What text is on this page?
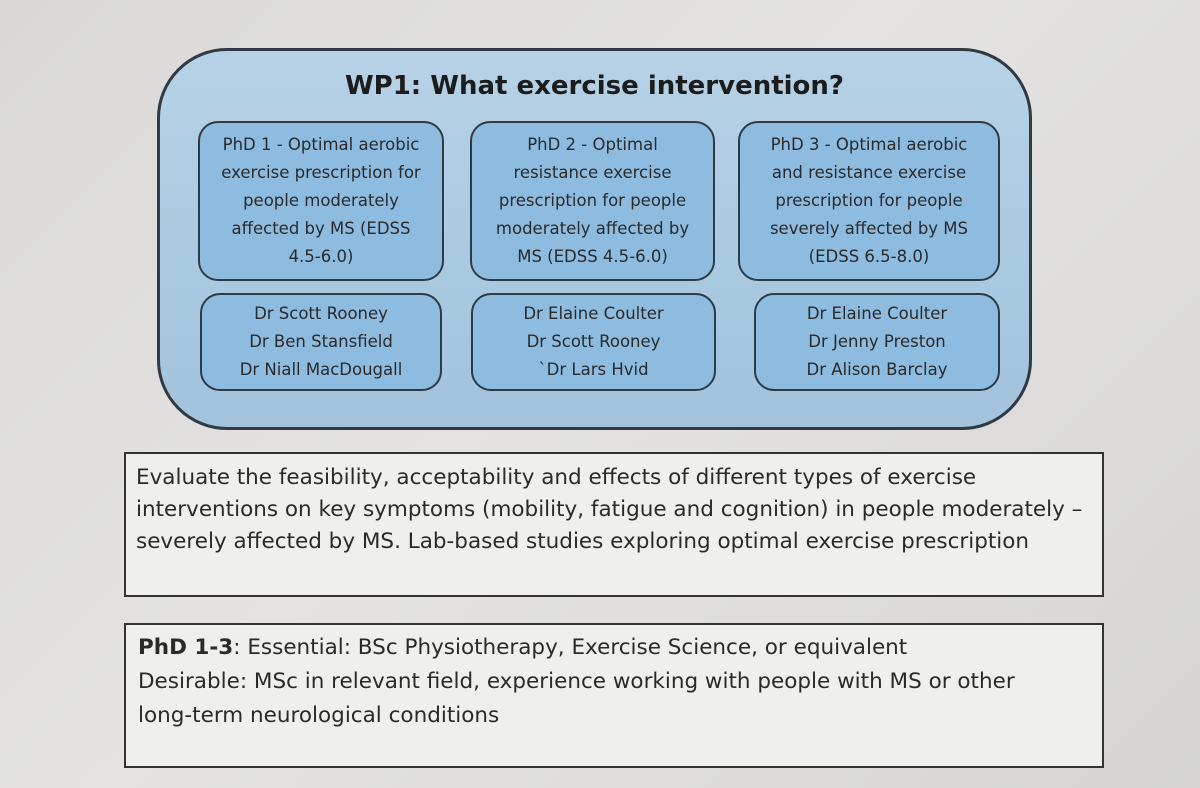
WP1: What exercise intervention?
PhD 1 - Optimal aerobic
exercise prescription for
people moderately
affected by MS (EDSS
4.5-6.0)
PhD 2 - Optimal
resistance exercise
prescription for people
moderately affected by
MS (EDSS 4.5-6.0)
PhD 3 - Optimal aerobic
and resistance exercise
prescription for people
severely affected by MS
(EDSS 6.5-8.0)
Dr Scott Rooney
Dr Ben Stansfield
Dr Niall MacDougall
Dr Elaine Coulter
Dr Scott Rooney
`Dr Lars Hvid
Dr Elaine Coulter
Dr Jenny Preston
Dr Alison Barclay
Evaluate the feasibility, acceptability and effects of different types of exercise interventions on key symptoms (mobility, fatigue and cognition) in people moderately – severely affected by MS. Lab-based studies exploring optimal exercise prescription
PhD 1-3: Essential: BSc Physiotherapy, Exercise Science, or equivalent
Desirable: MSc in relevant field, experience working with people with MS or other
long-term neurological conditions
